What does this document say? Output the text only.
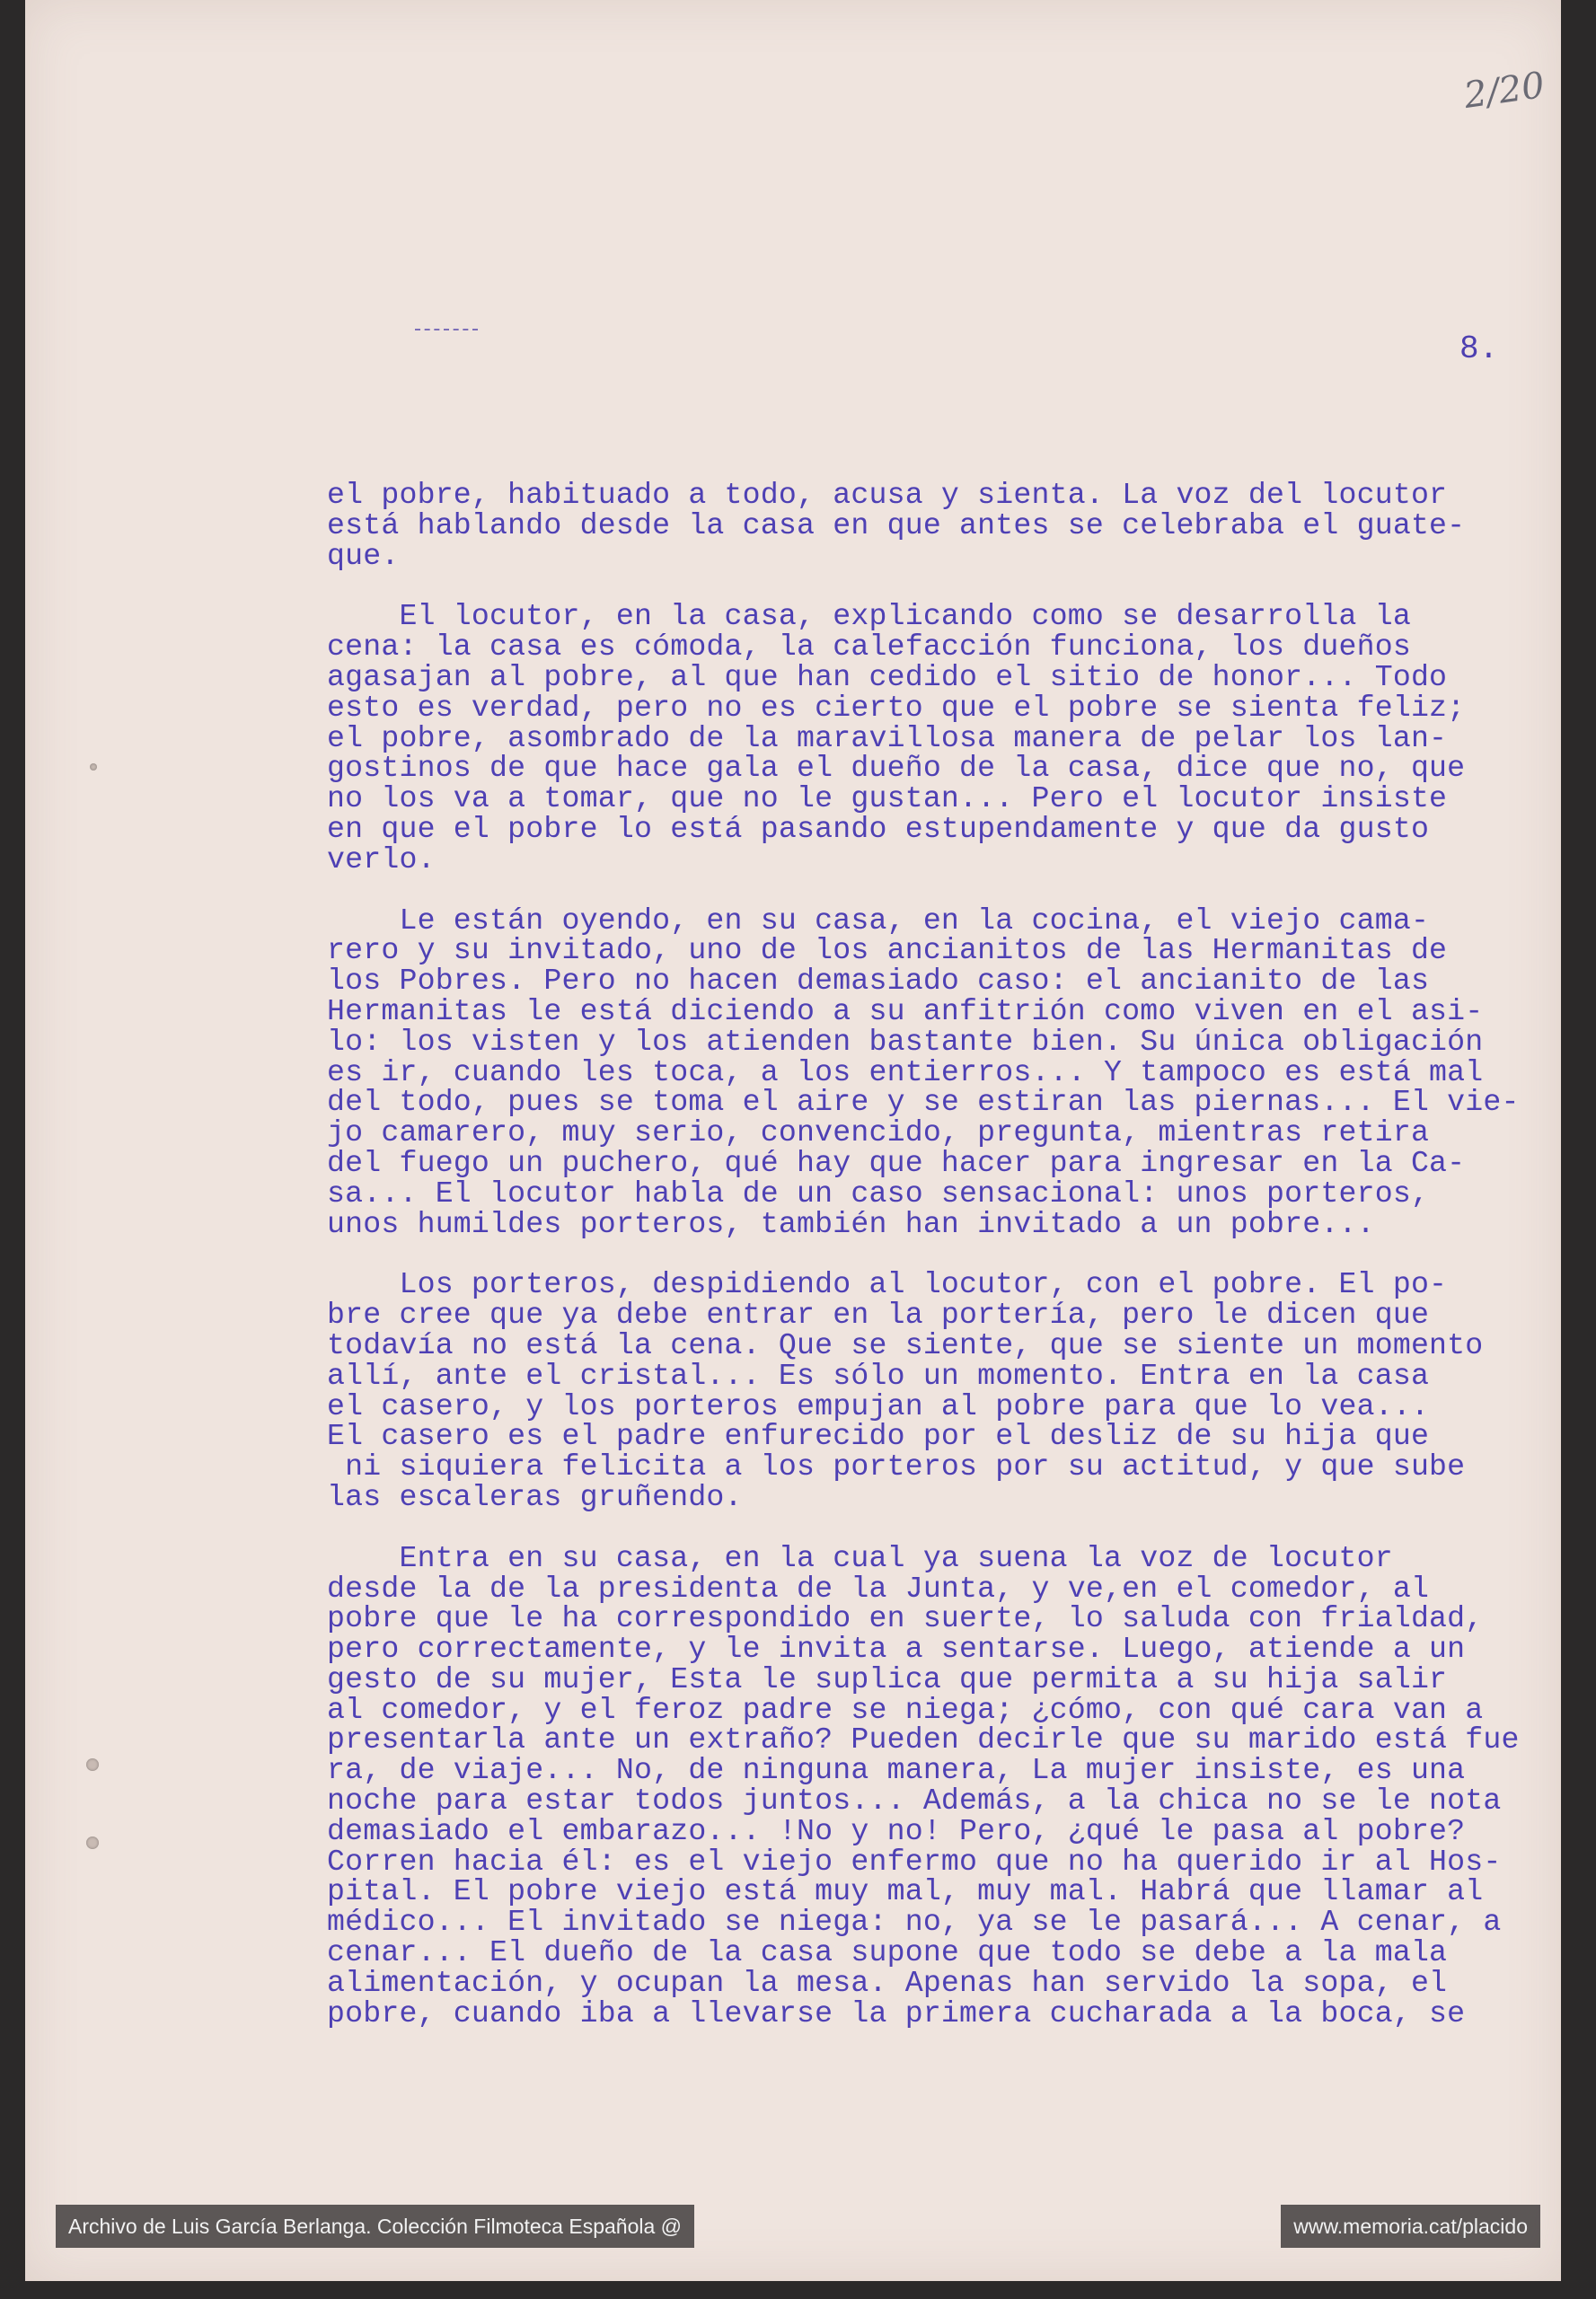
2/20
8.
el pobre, habituado a todo, acusa y sienta. La voz del locutor
está hablando desde la casa en que antes se celebraba el guate-
que.
El locutor, en la casa, explicando como se desarrolla la
cena: la casa es cómoda, la calefacción funciona, los dueños
agasajan al pobre, al que han cedido el sitio de honor... Todo
esto es verdad, pero no es cierto que el pobre se sienta feliz;
el pobre, asombrado de la maravillosa manera de pelar los lan-
gostinos de que hace gala el dueño de la casa, dice que no, que
no los va a tomar, que no le gustan... Pero el locutor insiste
en que el pobre lo está pasando estupendamente y que da gusto
verlo.
Le están oyendo, en su casa, en la cocina, el viejo cama-
rero y su invitado, uno de los ancianitos de las Hermanitas de
los Pobres. Pero no hacen demasiado caso: el ancianito de las
Hermanitas le está diciendo a su anfitrión como viven en el asi-
lo: los visten y los atienden bastante bien. Su única obligación
es ir, cuando les toca, a los entierros... Y tampoco es está mal
del todo, pues se toma el aire y se estiran las piernas... El vie-
jo camarero, muy serio, convencido, pregunta, mientras retira
del fuego un puchero, qué hay que hacer para ingresar en la Ca-
sa... El locutor habla de un caso sensacional: unos porteros,
unos humildes porteros, también han invitado a un pobre...
Los porteros, despidiendo al locutor, con el pobre. El po-
bre cree que ya debe entrar en la portería, pero le dicen que
todavía no está la cena. Que se siente, que se siente un momento
allí, ante el cristal... Es sólo un momento. Entra en la casa
el casero, y los porteros empujan al pobre para que lo vea...
El casero es el padre enfurecido por el desliz de su hija que
ni siquiera felicita a los porteros por su actitud, y que sube
las escaleras gruñendo.
Entra en su casa, en la cual ya suena la voz de locutor
desde la de la presidenta de la Junta, y ve,en el comedor, al
pobre que le ha correspondido en suerte, lo saluda con frialdad,
pero correctamente, y le invita a sentarse. Luego, atiende a un
gesto de su mujer, Esta le suplica que permita a su hija salir
al comedor, y el feroz padre se niega; ¿cómo, con qué cara van a
presentarla ante un extraño? Pueden decirle que su marido está fue
ra, de viaje... No, de ninguna manera, La mujer insiste, es una
noche para estar todos juntos... Además, a la chica no se le nota
demasiado el embarazo... !No y no! Pero, ¿qué le pasa al pobre?
Corren hacia él: es el viejo enfermo que no ha querido ir al Hos-
pital. El pobre viejo está muy mal, muy mal. Habrá que llamar al
médico... El invitado se niega: no, ya se le pasará... A cenar, a
cenar... El dueño de la casa supone que todo se debe a la mala
alimentación, y ocupan la mesa. Apenas han servido la sopa, el
pobre, cuando iba a llevarse la primera cucharada a la boca, se
Archivo de Luis García Berlanga. Colección Filmoteca Española @	www.memoria.cat/placido
